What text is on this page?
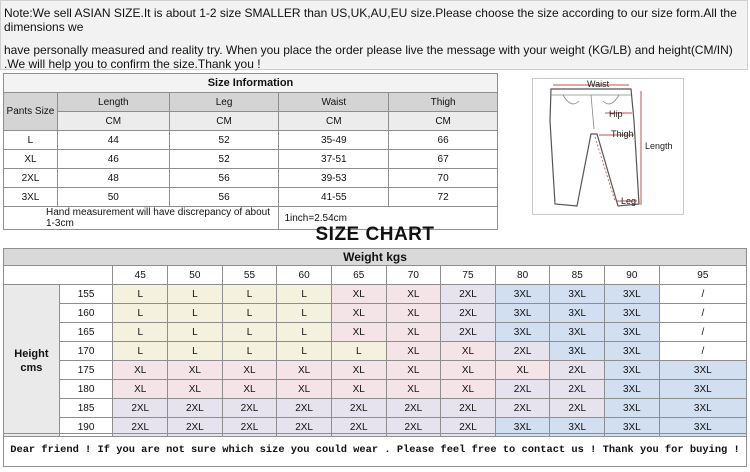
Note:We sell ASIAN SIZE.It is about 1-2 size SMALLER than US,UK,AU,EU size.Please choose the size according to our size form.All the dimensions we

have personally measured and reality try. When you place the order please live the message with your weight (KG/LB) and height(CM/IN)

.We will help you to confirm the size.Thank you !

Size Information				
Pants Size	Length	Leg	Waist	Thigh
	CM	CM	CM	CM
L	44	52	35-49	66
XL	46	52	37-51	67
2XL	48	56	39-53	70
3XL	50	56	41-55	72
Hand measurement will have discrepancy of about 1-3cm			1inch=2.54cm	
Waist
Hip
Thigh
Length
Leg
SIZE CHART
Weight kgs												
		45	50	55	60	65	70	75	80	85	90	95

Height
cms	155	L	L	L	L	XL	XL	2XL	3XL	3XL	3XL	/
	160	L	L	L	L	XL	XL	2XL	3XL	3XL	3XL	/
	165	L	L	L	L	XL	XL	2XL	3XL	3XL	3XL	/
	170	L	L	L	L	L	XL	XL	2XL	3XL	3XL	/
	175	XL	XL	XL	XL	XL	XL	XL	XL	2XL	3XL	3XL
	180	XL	XL	XL	XL	XL	XL	XL	2XL	2XL	3XL	3XL
	185	2XL	2XL	2XL	2XL	2XL	2XL	2XL	2XL	2XL	3XL	3XL
	190	2XL	2XL	2XL	2XL	2XL	2XL	2XL	3XL	3XL	3XL	3XL
Dear friend ! If you are not sure which size you could wear . Please feel free to contact us ! Thank you for buying !
